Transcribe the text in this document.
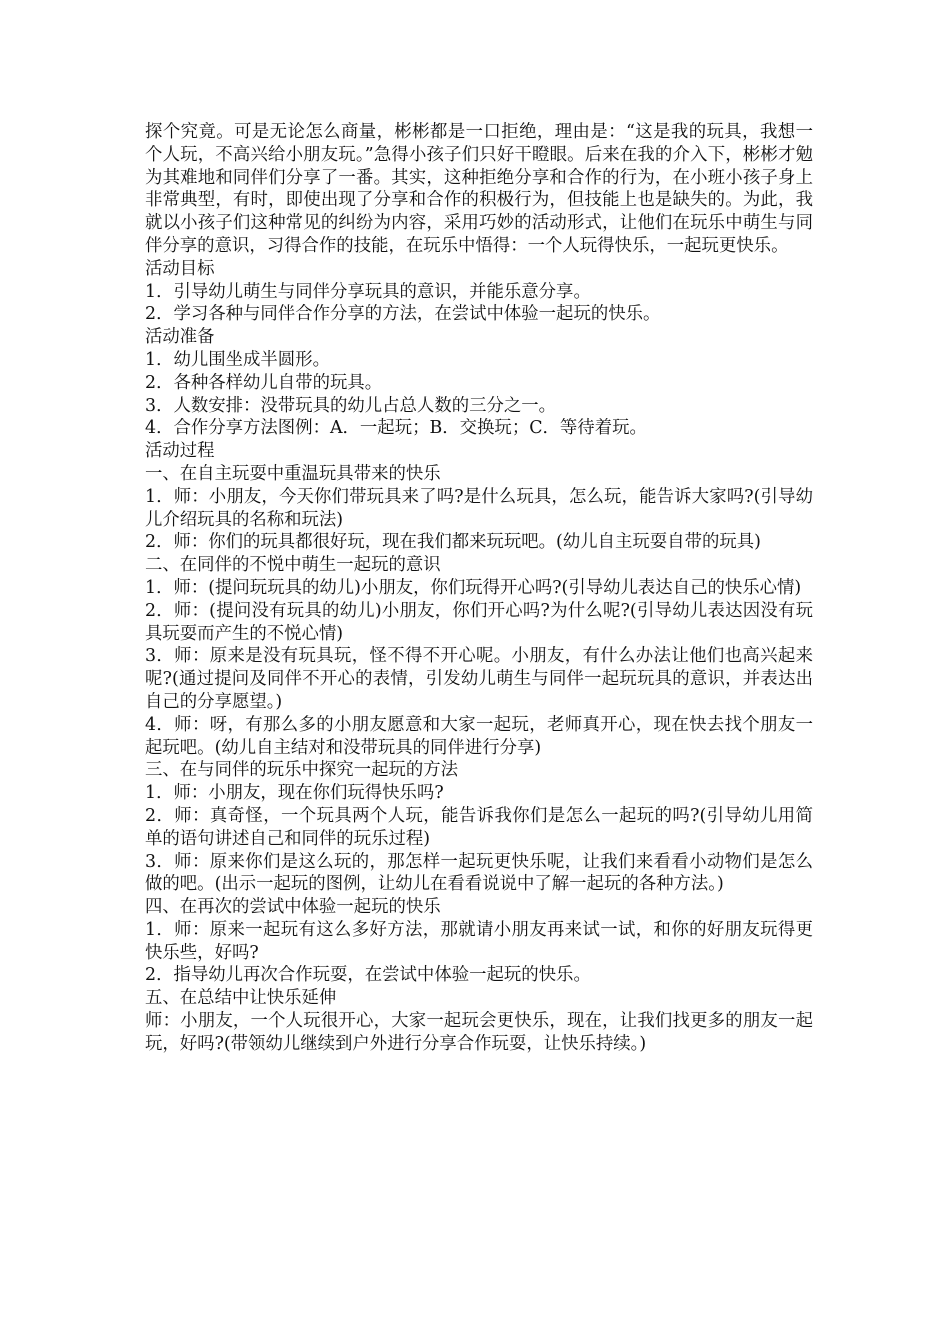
探个究竟。可是无论怎么商量，彬彬都是一口拒绝，理由是：“这是我的玩具，我想一个人玩，不高兴给小朋友玩。”急得小孩子们只好干瞪眼。后来在我的介入下，彬彬才勉为其难地和同伴们分享了一番。其实，这种拒绝分享和合作的行为，在小班小孩子身上非常典型，有时，即使出现了分享和合作的积极行为，但技能上也是缺失的。为此，我就以小孩子们这种常见的纠纷为内容，采用巧妙的活动形式，让他们在玩乐中萌生与同伴分享的意识，习得合作的技能，在玩乐中悟得：一个人玩得快乐，一起玩更快乐。

活动目标

1．引导幼儿萌生与同伴分享玩具的意识，并能乐意分享。

2．学习各种与同伴合作分享的方法，在尝试中体验一起玩的快乐。

活动准备

1．幼儿围坐成半圆形。

2．各种各样幼儿自带的玩具。

3．人数安排：没带玩具的幼儿占总人数的三分之一。

4．合作分享方法图例：A．一起玩；B．交换玩；C．等待着玩。

活动过程

一、在自主玩耍中重温玩具带来的快乐

1．师：小朋友，今天你们带玩具来了吗?是什么玩具，怎么玩，能告诉大家吗?(引导幼儿介绍玩具的名称和玩法)

2．师：你们的玩具都很好玩，现在我们都来玩玩吧。(幼儿自主玩耍自带的玩具)

二、在同伴的不悦中萌生一起玩的意识

1．师：(提问玩玩具的幼儿)小朋友，你们玩得开心吗?(引导幼儿表达自己的快乐心情)

2．师：(提问没有玩具的幼儿)小朋友，你们开心吗?为什么呢?(引导幼儿表达因没有玩具玩耍而产生的不悦心情)

3．师：原来是没有玩具玩，怪不得不开心呢。小朋友，有什么办法让他们也高兴起来呢?(通过提问及同伴不开心的表情，引发幼儿萌生与同伴一起玩玩具的意识，并表达出自己的分享愿望。)

4．师：呀，有那么多的小朋友愿意和大家一起玩，老师真开心，现在快去找个朋友一起玩吧。(幼儿自主结对和没带玩具的同伴进行分享)

三、在与同伴的玩乐中探究一起玩的方法

1．师：小朋友，现在你们玩得快乐吗?

2．师：真奇怪，一个玩具两个人玩，能告诉我你们是怎么一起玩的吗?(引导幼儿用简单的语句讲述自己和同伴的玩乐过程)

3．师：原来你们是这么玩的，那怎样一起玩更快乐呢，让我们来看看小动物们是怎么做的吧。(出示一起玩的图例，让幼儿在看看说说中了解一起玩的各种方法。)

四、在再次的尝试中体验一起玩的快乐

1．师：原来一起玩有这么多好方法，那就请小朋友再来试一试，和你的好朋友玩得更快乐些，好吗?

2．指导幼儿再次合作玩耍，在尝试中体验一起玩的快乐。

五、在总结中让快乐延伸

师：小朋友，一个人玩很开心，大家一起玩会更快乐，现在，让我们找更多的朋友一起玩，好吗?(带领幼儿继续到户外进行分享合作玩耍，让快乐持续。)
